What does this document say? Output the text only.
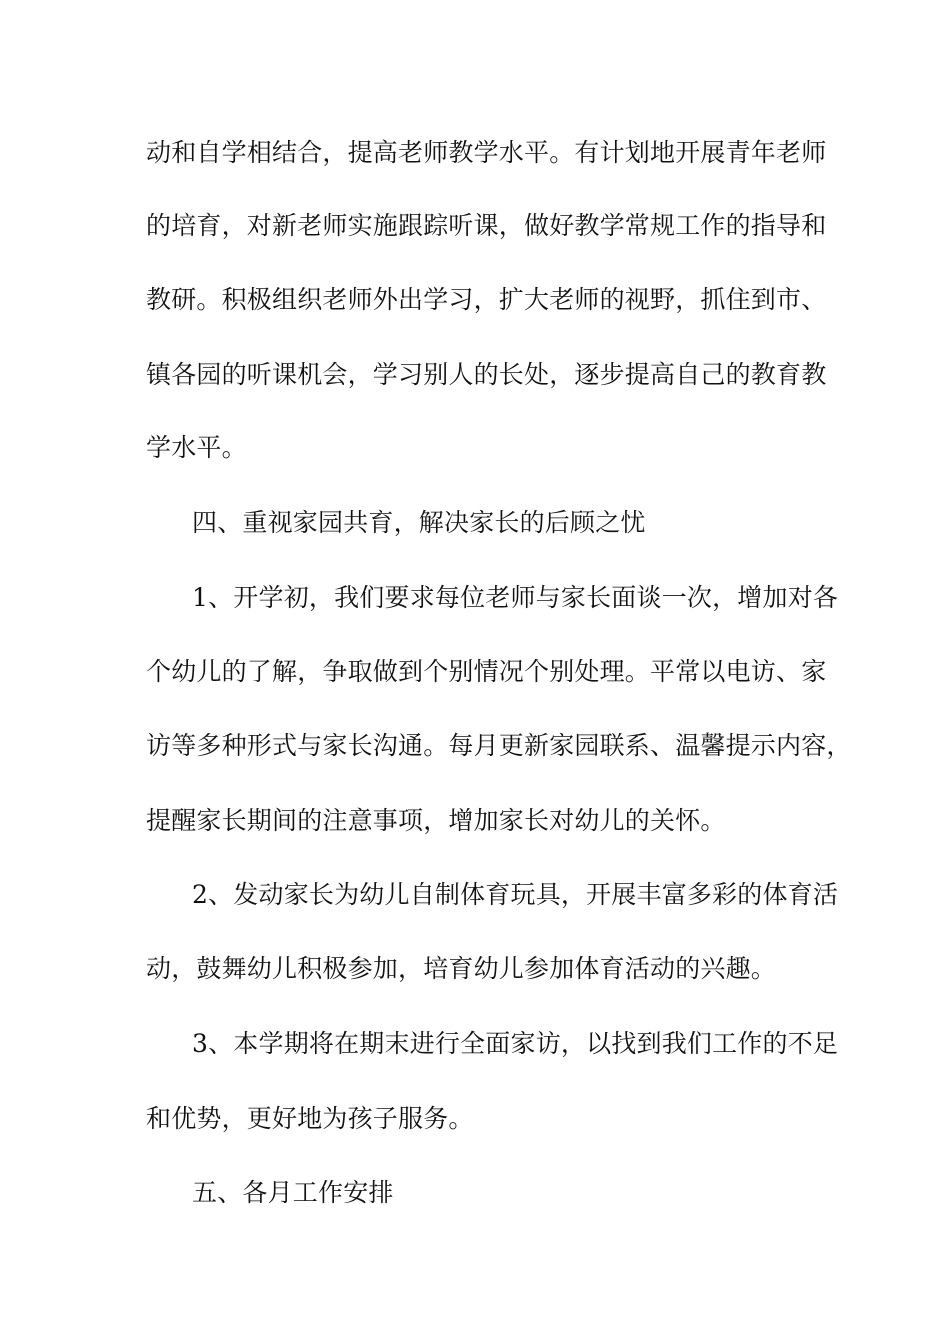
动和自学相结合，提高老师教学水平。有计划地开展青年老师
的培育，对新老师实施跟踪听课，做好教学常规工作的指导和
教研。积极组织老师外出学习，扩大老师的视野，抓住到市、
镇各园的听课机会，学习别人的长处，逐步提高自己的教育教
学水平。
四、重视家园共育，解决家长的后顾之忧
1、开学初，我们要求每位老师与家长面谈一次，增加对各
个幼儿的了解，争取做到个别情况个别处理。平常以电访、家
访等多种形式与家长沟通。每月更新家园联系、温馨提示内容，
提醒家长期间的注意事项，增加家长对幼儿的关怀。
2、发动家长为幼儿自制体育玩具，开展丰富多彩的体育活
动，鼓舞幼儿积极参加，培育幼儿参加体育活动的兴趣。
3、本学期将在期末进行全面家访，以找到我们工作的不足
和优势，更好地为孩子服务。
五、各月工作安排
